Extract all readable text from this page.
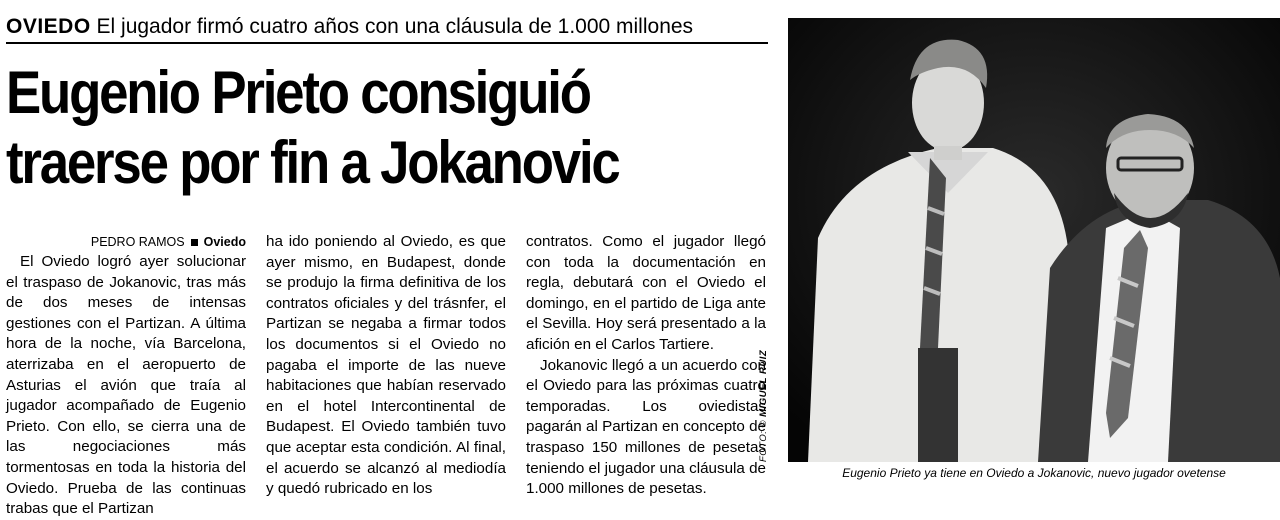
OVIEDO El jugador firmó cuatro años con una cláusula de 1.000 millones
Eugenio Prieto consiguió
traerse por fin a Jokanovic
PEDRO RAMOS Oviedo

El Oviedo logró ayer solucionar el traspaso de Jokanovic, tras más de dos meses de intensas gestiones con el Partizan. A última hora de la noche, vía Barcelona, aterrizaba en el aeropuerto de Asturias el avión que traía al jugador acompañado de Eugenio Prieto. Con ello, se cierra una de las negociaciones más tormentosas en toda la historia del Oviedo. Prueba de las continuas trabas que el Partizan

ha ido poniendo al Oviedo, es que ayer mismo, en Budapest, donde se produjo la firma definitiva de los contratos oficiales y del trásnfer, el Partizan se negaba a firmar todos los documentos si el Oviedo no pagaba el importe de las nueve habitaciones que habían reservado en el hotel Intercontinental de Budapest. El Oviedo también tuvo que aceptar esta condición. Al final, el acuerdo se alcanzó al mediodía y quedó rubricado en los

contratos. Como el jugador llegó con toda la documentación en regla, debutará con el Oviedo el domingo, en el partido de Liga ante el Sevilla. Hoy será presentado a la afición en el Carlos Tartiere.

Jokanovic llegó a un acuerdo con el Oviedo para las próximas cuatro temporadas. Los oviedistas pagarán al Partizan en concepto de traspaso 150 millones de pesetas teniendo el jugador una cláusula de 1.000 millones de pesetas.

FOTO: © MIGUEL RUIZ
Eugenio Prieto ya tiene en Oviedo a Jokanovic, nuevo jugador ovetense
